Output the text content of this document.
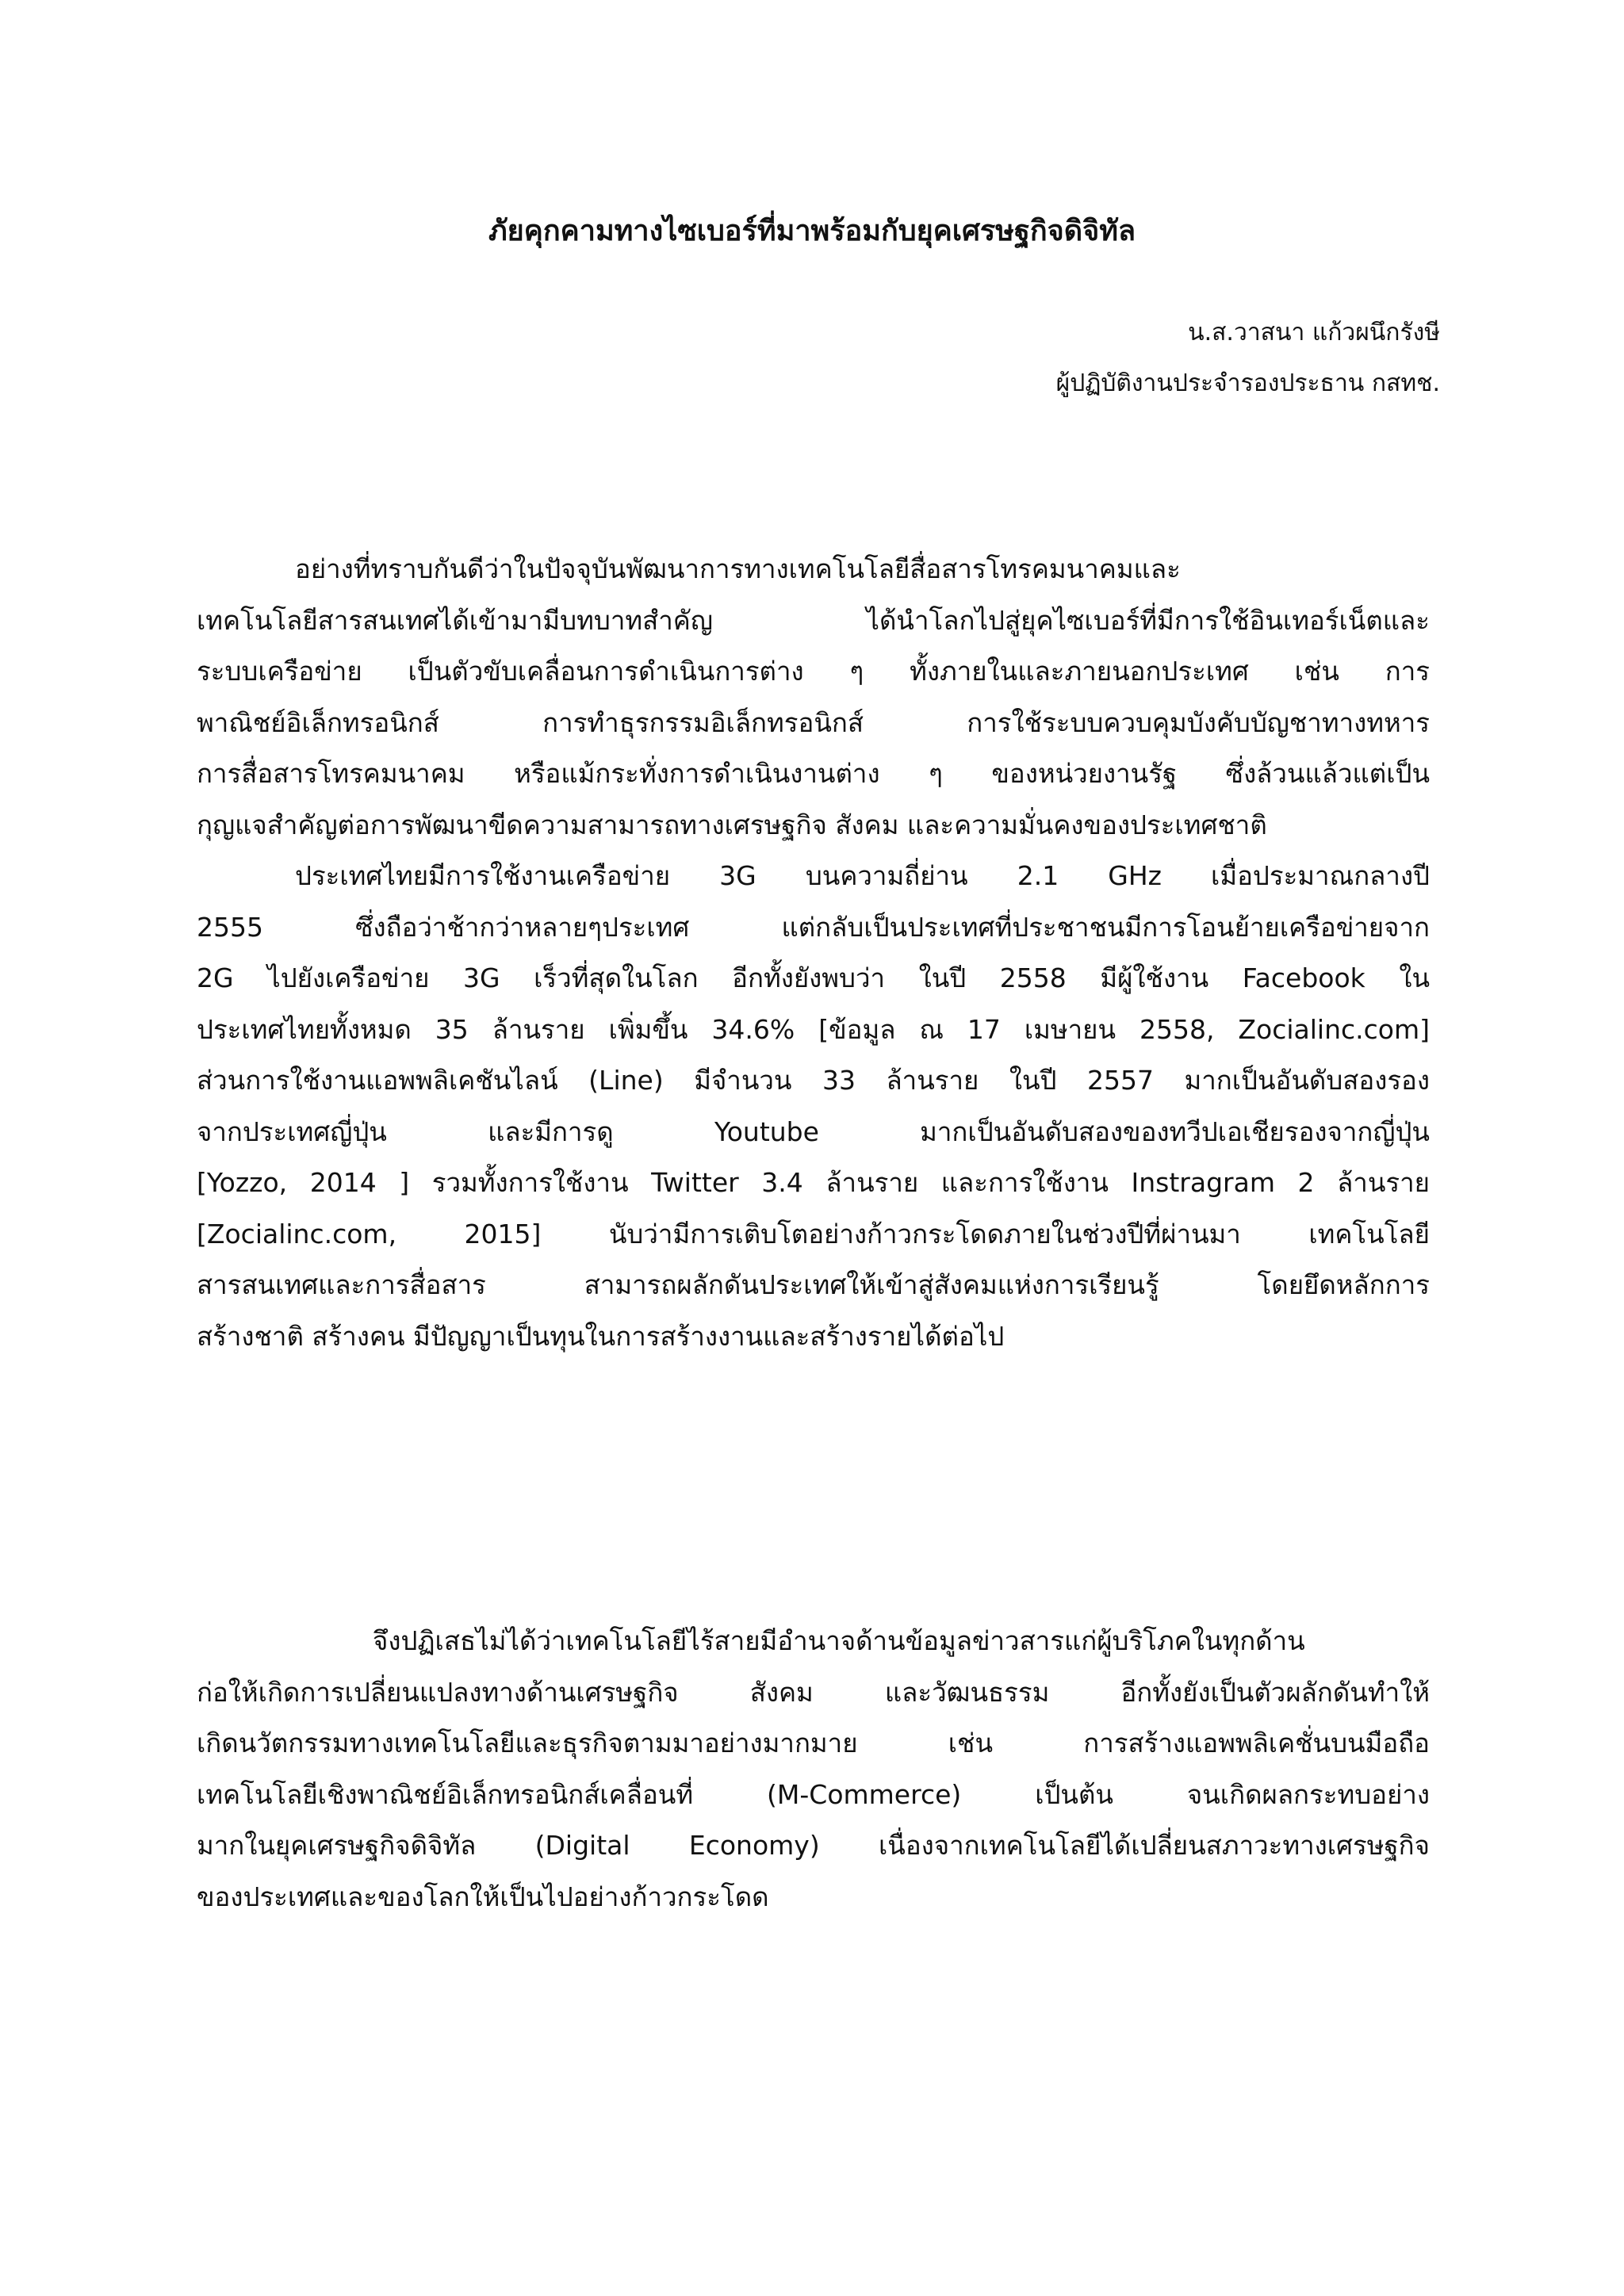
ภัยคุกคามทางไซเบอร์ที่มาพร้อมกับยุคเศรษฐกิจดิจิทัล
น.ส.วาสนา แก้วผนึกรังษี
ผู้ปฏิบัติงานประจำรองประธาน กสทช.
อย่างที่ทราบกันดีว่าในปัจจุบันพัฒนาการทางเทคโนโลยีสื่อสารโทรคมนาคมและ
เทคโนโลยีสารสนเทศได้เข้ามามีบทบาทสำคัญ ได้นำโลกไปสู่ยุคไซเบอร์ที่มีการใช้อินเทอร์เน็ตและ
ระบบเครือข่าย เป็นตัวขับเคลื่อนการดำเนินการต่าง ๆ ทั้งภายในและภายนอกประเทศ เช่น การ
พาณิชย์อิเล็กทรอนิกส์ การทำธุรกรรมอิเล็กทรอนิกส์ การใช้ระบบควบคุมบังคับบัญชาทางทหาร
การสื่อสารโทรคมนาคม หรือแม้กระทั่งการดำเนินงานต่าง ๆ ของหน่วยงานรัฐ ซึ่งล้วนแล้วแต่เป็น
กุญแจสำคัญต่อการพัฒนาขีดความสามารถทางเศรษฐกิจ สังคม และความมั่นคงของประเทศชาติ
ประเทศไทยมีการใช้งานเครือข่าย 3G บนความถี่ย่าน 2.1 GHz เมื่อประมาณกลางปี
2555 ซึ่งถือว่าช้ากว่าหลายๆประเทศ แต่กลับเป็นประเทศที่ประชาชนมีการโอนย้ายเครือข่ายจาก
2G ไปยังเครือข่าย 3G เร็วที่สุดในโลก อีกทั้งยังพบว่า ในปี 2558 มีผู้ใช้งาน Facebook ใน
ประเทศไทยทั้งหมด 35 ล้านราย เพิ่มขึ้น 34.6% [ข้อมูล ณ 17 เมษายน 2558, Zocialinc.com]
ส่วนการใช้งานแอพพลิเคชันไลน์ (Line) มีจำนวน 33 ล้านราย ในปี 2557 มากเป็นอันดับสองรอง
จากประเทศญี่ปุ่น และมีการดู Youtube มากเป็นอันดับสองของทวีปเอเชียรองจากญี่ปุ่น
[Yozzo, 2014 ] รวมทั้งการใช้งาน Twitter 3.4 ล้านราย และการใช้งาน Instragram 2 ล้านราย
[Zocialinc.com, 2015] นับว่ามีการเติบโตอย่างก้าวกระโดดภายในช่วงปีที่ผ่านมา เทคโนโลยี
สารสนเทศและการสื่อสาร สามารถผลักดันประเทศให้เข้าสู่สังคมแห่งการเรียนรู้ โดยยึดหลักการ
สร้างชาติ สร้างคน มีปัญญาเป็นทุนในการสร้างงานและสร้างรายได้ต่อไป
จึงปฏิเสธไม่ได้ว่าเทคโนโลยีไร้สายมีอำนาจด้านข้อมูลข่าวสารแก่ผู้บริโภคในทุกด้าน
ก่อให้เกิดการเปลี่ยนแปลงทางด้านเศรษฐกิจ สังคม และวัฒนธรรม อีกทั้งยังเป็นตัวผลักดันทำให้
เกิดนวัตกรรมทางเทคโนโลยีและธุรกิจตามมาอย่างมากมาย เช่น การสร้างแอพพลิเคชั่นบนมือถือ
เทคโนโลยีเชิงพาณิชย์อิเล็กทรอนิกส์เคลื่อนที่ (M-Commerce) เป็นต้น จนเกิดผลกระทบอย่าง
มากในยุคเศรษฐกิจดิจิทัล (Digital Economy) เนื่องจากเทคโนโลยีได้เปลี่ยนสภาวะทางเศรษฐกิจ
ของประเทศและของโลกให้เป็นไปอย่างก้าวกระโดด
